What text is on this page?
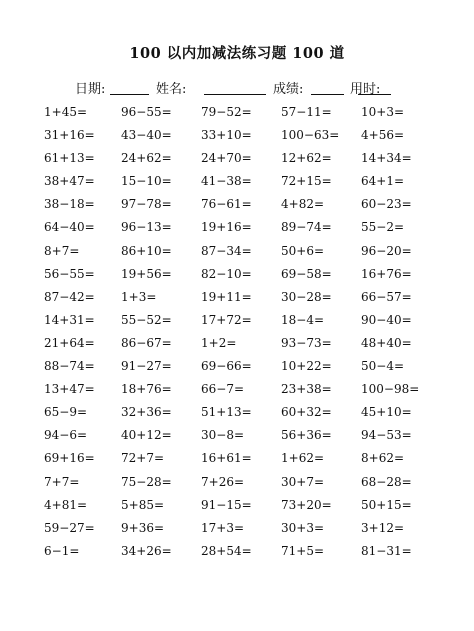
100 以内加减法练习题 100 道
日期:	姓名:	成绩:	用时:
1+45=	96−55= 79−52= 57−11= 10+3=
31+16= 43−40= 33+10= 100−63= 4+56=
61+13= 24+62= 24+70= 12+62= 14+34=
38+47= 15−10= 41−38= 72+15= 64+1=
38−18= 97−78= 76−61= 4+82=	60−23=
64−40= 96−13= 19+16= 89−74= 55−2=
8+7=	86+10= 87−34= 50+6=	96−20=
56−55= 19+56= 82−10= 69−58= 16+76=
87−42= 1+3=	19+11= 30−28= 66−57=
14+31= 55−52= 17+72= 18−4=	90−40=
21+64= 86−67= 1+2=	93−73= 48+40=
88−74= 91−27= 69−66= 10+22= 50−4=
13+47= 18+76= 66−7=	23+38= 100−98=
65−9=	32+36= 51+13= 60+32= 45+10=
94−6=	40+12= 30−8=	56+36= 94−53=
69+16= 72+7=	16+61= 1+62=	8+62=
7+7=	75−28= 7+26=	30+7=	68−28=
4+81=	5+85=	91−15= 73+20= 50+15=
59−27= 9+36=	17+3=	30+3=	3+12=
6−1=	34+26= 28+54= 71+5=	81−31=
